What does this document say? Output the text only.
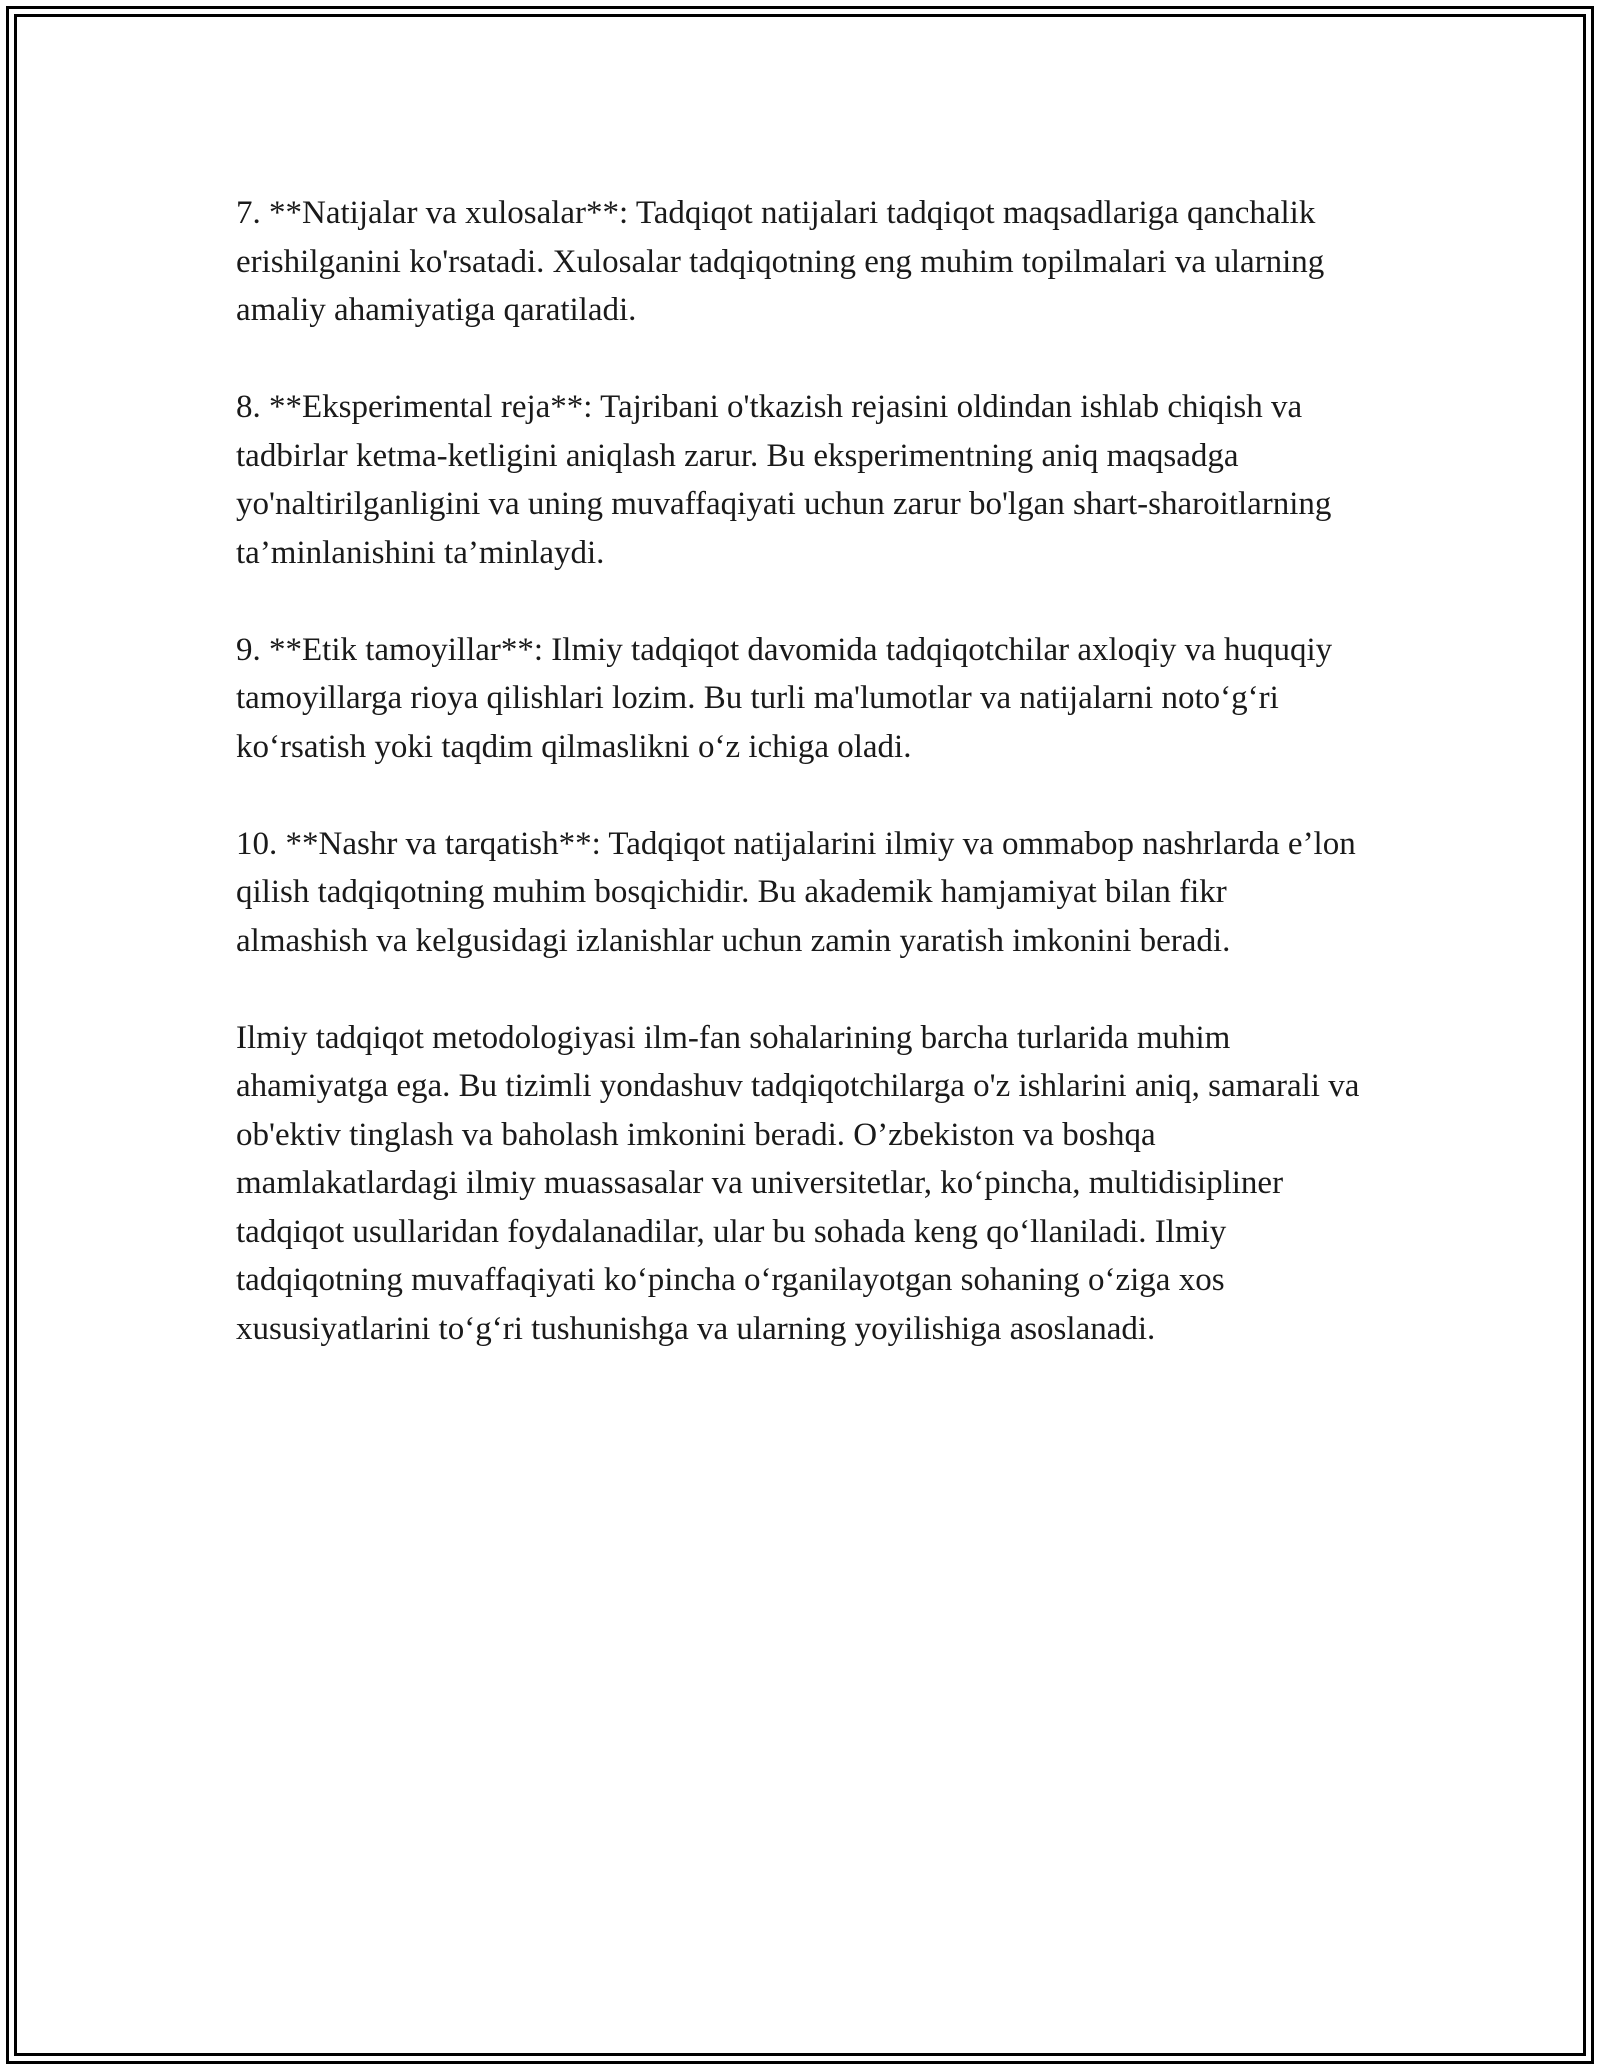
7. **Natijalar va xulosalar**: Tadqiqot natijalari tadqiqot maqsadlariga qanchalik erishilganini ko'rsatadi. Xulosalar tadqiqotning eng muhim topilmalari va ularning amaliy ahamiyatiga qaratiladi.

8. **Eksperimental reja**: Tajribani o'tkazish rejasini oldindan ishlab chiqish va tadbirlar ketma-ketligini aniqlash zarur. Bu eksperimentning aniq maqsadga yo'naltirilganligini va uning muvaffaqiyati uchun zarur bo'lgan shart-sharoitlarning ta’minlanishini ta’minlaydi.

9. **Etik tamoyillar**: Ilmiy tadqiqot davomida tadqiqotchilar axloqiy va huquqiy tamoyillarga rioya qilishlari lozim. Bu turli ma'lumotlar va natijalarni noto‘g‘ri ko‘rsatish yoki taqdim qilmaslikni o‘z ichiga oladi.

10. **Nashr va tarqatish**: Tadqiqot natijalarini ilmiy va ommabop nashrlarda e’lon qilish tadqiqotning muhim bosqichidir. Bu akademik hamjamiyat bilan fikr almashish va kelgusidagi izlanishlar uchun zamin yaratish imkonini beradi.

Ilmiy tadqiqot metodologiyasi ilm-fan sohalarining barcha turlarida muhim ahamiyatga ega. Bu tizimli yondashuv tadqiqotchilarga o'z ishlarini aniq, samarali va ob'ektiv tinglash va baholash imkonini beradi. O’zbekiston va boshqa mamlakatlardagi ilmiy muassasalar va universitetlar, ko‘pincha, multidisipliner tadqiqot usullaridan foydalanadilar, ular bu sohada keng qo‘llaniladi. Ilmiy tadqiqotning muvaffaqiyati ko‘pincha o‘rganilayotgan sohaning o‘ziga xos xususiyatlarini to‘g‘ri tushunishga va ularning yoyilishiga asoslanadi.
